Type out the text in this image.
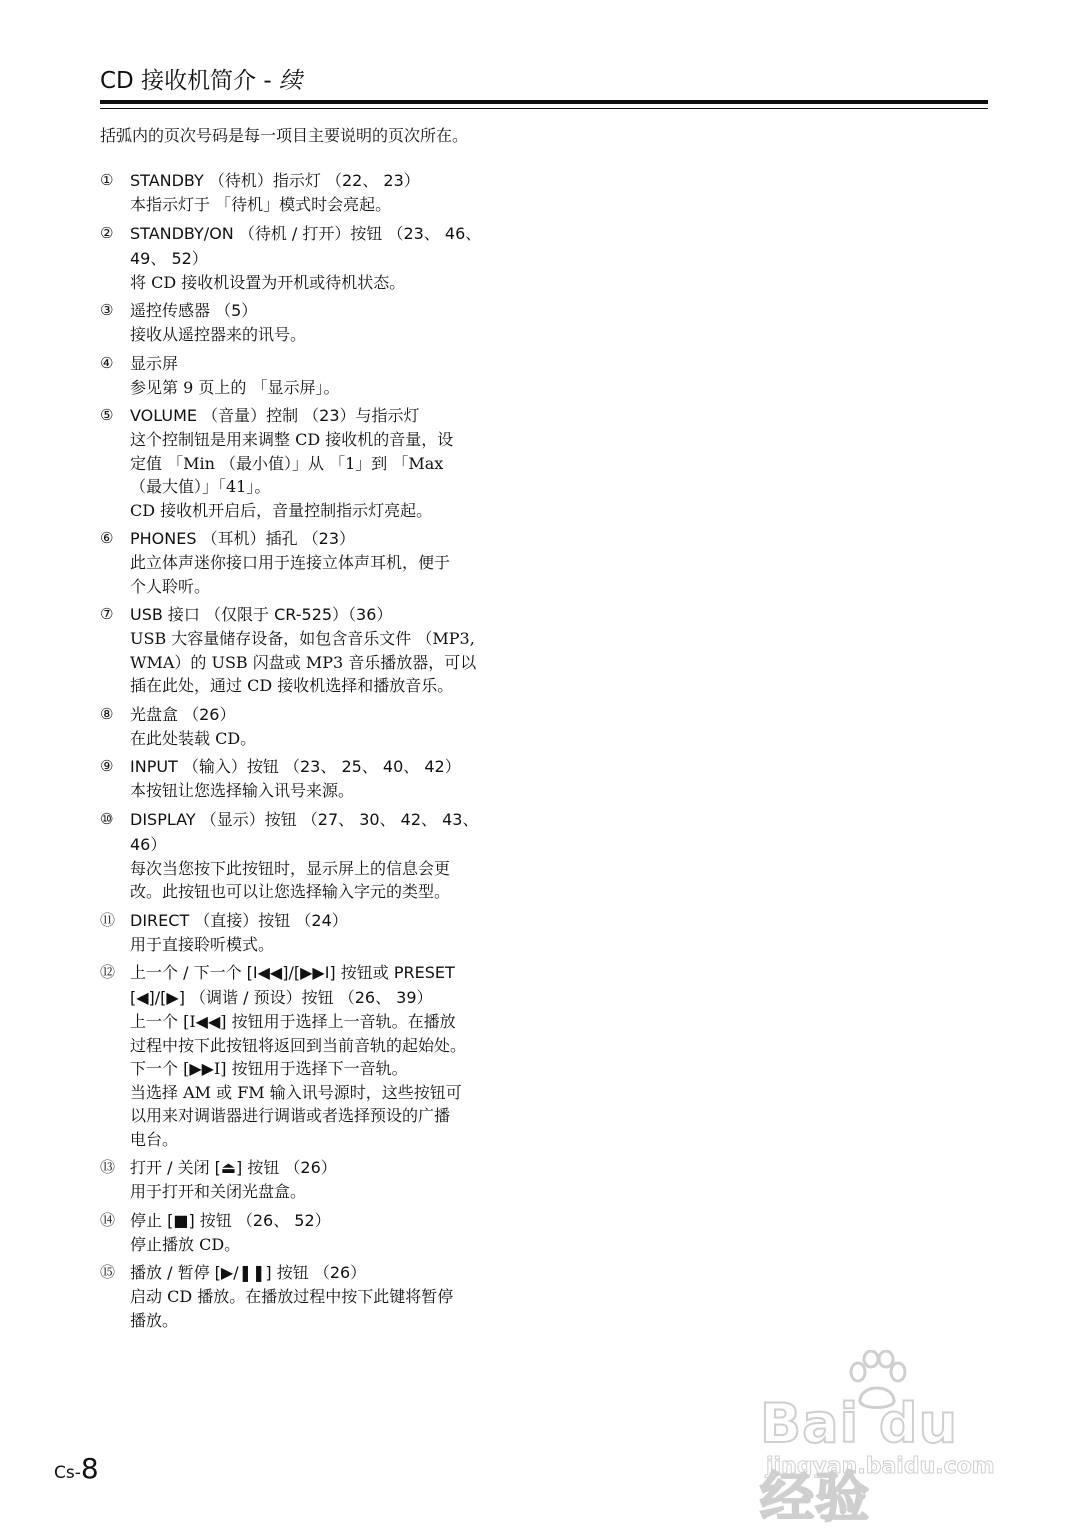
CD 接收机简介 - 续
括弧内的页次号码是每一项目主要说明的页次所在。
①	STANDBY （待机）指示灯 （22、 23）
本指示灯于 「待机」模式时会亮起。
②	STANDBY/ON （待机 / 打开）按钮 （23、 46、
49、 52）
将 CD 接收机设置为开机或待机状态。
③	遥控传感器 （5）
接收从遥控器来的讯号。
④	显示屏
参见第 9 页上的 「显示屏」。
⑤	VOLUME （音量）控制 （23）与指示灯
这个控制钮是用来调整 CD 接收机的音量，设
定值 「Min （最小值）」从 「1」到 「Max
（最大值）」「41」。
CD 接收机开启后，音量控制指示灯亮起。
⑥	PHONES （耳机）插孔 （23）
此立体声迷你接口用于连接立体声耳机，便于
个人聆听。
⑦	USB 接口 （仅限于 CR-525）（36）
USB 大容量储存设备，如包含音乐文件 （MP3,
WMA）的 USB 闪盘或 MP3 音乐播放器，可以
插在此处，通过 CD 接收机选择和播放音乐。
⑧	光盘盒 （26）
在此处装载 CD。
⑨	INPUT （输入）按钮 （23、 25、 40、 42）
本按钮让您选择输入讯号来源。
⑩	DISPLAY （显示）按钮 （27、 30、 42、 43、
46）
每次当您按下此按钮时，显示屏上的信息会更
改。此按钮也可以让您选择输入字元的类型。
⑪ DIRECT （直接）按钮 （24）
用于直接聆听模式。
⑫ 上一个 / 下一个 [I◀◀]/[▶▶I] 按钮或 PRESET
[◀]/[▶] （调谐 / 预设）按钮 （26、 39）
上一个 [I◀◀] 按钮用于选择上一音轨。在播放
过程中按下此按钮将返回到当前音轨的起始处。
下一个 [▶▶I] 按钮用于选择下一音轨。
当选择 AM 或 FM 输入讯号源时，这些按钮可
以用来对调谐器进行调谐或者选择预设的广播
电台。
⑬ 打开 / 关闭 [⏏] 按钮 （26）
用于打开和关闭光盘盒。
⑭ 停止 [■] 按钮 （26、 52）
停止播放 CD。
⑮ 播放 / 暂停 [▶/❚❚] 按钮 （26）
启动 CD 播放。在播放过程中按下此键将暂停
播放。
Cs-8
Bai du 经验
jingyan.baidu.com
